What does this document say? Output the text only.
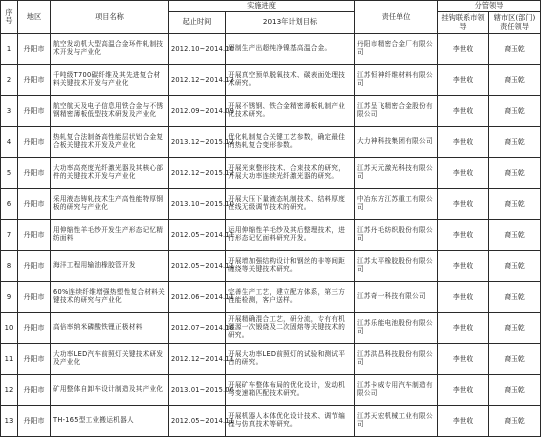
序号	地区	项目名称	实施进度		责任单位	分管领导	
			起止时间	2013年计划目标		挂钩联系市领导	辖市区(部门)责任领导
1	丹阳市	航空发动机大型高温合金环件轧制技术开发与产业化	2012.10~2014.10	研制生产出超纯净镍基高温合金。	丹阳市精密合金厂有限公司	李世收	裔玉乾
2	丹阳市	千吨级T700碳纤维及其先进复合材料关键技术开发与产业化	2012.12~2014.12	开展真空预单脱氧技术、碳表面处理技术研究。	江苏恒神纤维材料有限公司	李世收	裔玉乾
3	丹阳市	航空航天及电子信息用铁合金与不锈钢精密薄板低型技术研发及产业化	2012.09~2014.09	开展不锈钢、铁合金精密薄板轧制产业化技术研究。	江苏呈飞精密合金股份有限公司	李世收	裔玉乾
4	丹阳市	热轧复合法制备高性能层状铝合金复合板关键技术开发及产业化	2013.12~2015.12	优化轧制复合关键工艺参数，确定最佳的热轧复合变形参数。	大力神科技集团有限公司	李世收	裔玉乾
5	丹阳市	大功率高亮度光纤激光器及其核心部件的关键技术开发与产业化	2012.12~2015.12	开展光束整形技术、合束技术的研究，开展大功率连续光纤激光器的研究。	江苏天元激光科技有限公司	李世收	裔玉乾
6	丹阳市	采用液态铸轧技术生产高性能特厚钢板的研究与产业化	2013.10~2015.10	开展大压下量液态轧制技术、结料厚度在线无级调节技术的研究。	中冶东方江苏重工有限公司	李世收	裔玉乾
7	丹阳市	用伸缩性羊毛纱开发生产形态记忆精纺面料	2012.05~2014.11	运用伸缩性羊毛纱及其后整理技术，进行形态记忆面料研究开发。	江苏丹毛纺织股份有限公司	李世收	裔玉乾
8	丹阳市	海洋工程用输油橡胶管开发	2012.05~2014.11	开展增加强结构设计和钢丝的非等间距缠绕等关键技术研究。	江苏太平橡胶股份有限公司	李世收	裔玉乾
9	丹阳市	60%连续纤维增强热塑性复合材料关键技术的研究与产业化	2012.06~2014.11	完善生产工艺，建立配方体系，第三方性能检测，客户送样。	江苏奇一科技有限公司	李世收	裔玉乾
10	丹阳市	高倍率纳米磷酸铁锂正极材料	2012.07~2014.10	开展精确混合工艺，研分流，专有有机碳源一次锻烧及二次固熔等关键技术的研究。	江苏乐能电池股份有限公司	李世收	裔玉乾
11	丹阳市	大功率LED汽车前照灯关键技术研发及产业化	2012.12~2014.11	开展大功率LED前照灯的试验和测试平台的研究。	江苏洪昌科技股份有限公司	李世收	裔玉乾
12	丹阳市	矿用整体自卸车设计制造及其产业化	2013.01~2015.06	开展矿车整体布局的优化设计，发动机与变速箱匹配技术研究。	江苏卡威专用汽车制造有限公司	李世收	裔玉乾
13	丹阳市	TH-165型工业搬运机器人	2012.05~2014.11	开展机器人本体优化设计技术、调节编程与仿真技术等研究。	江苏天宏机械工业有限公司	李世收	裔玉乾
